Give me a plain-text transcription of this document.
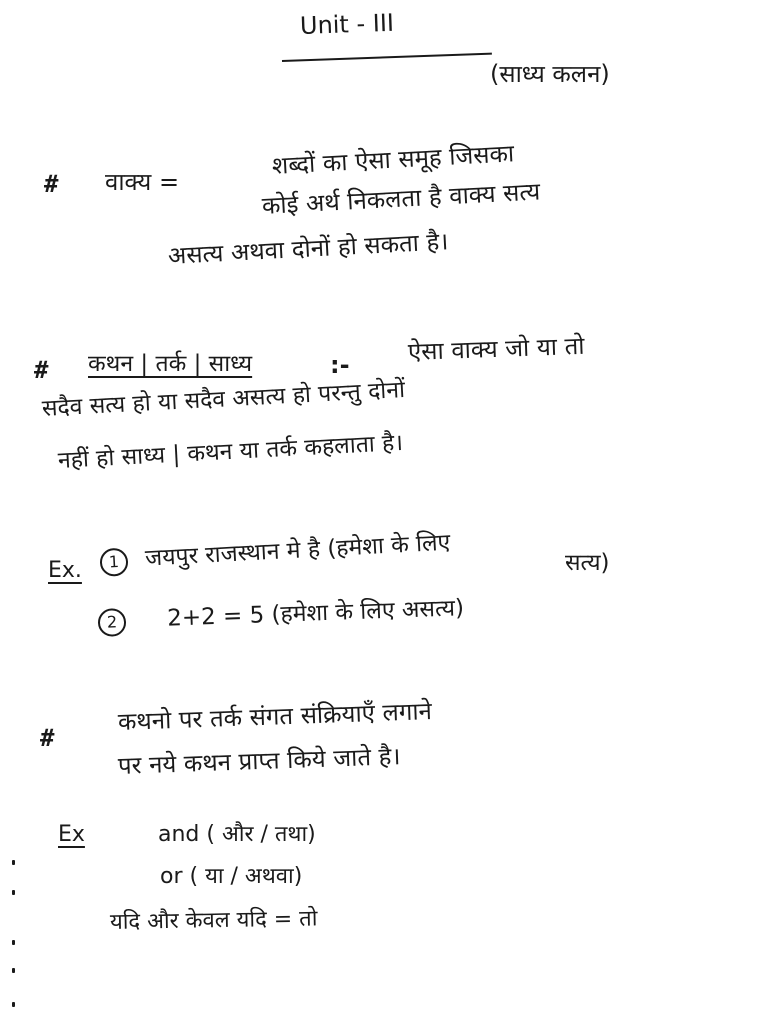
Unit - III
(साध्य कलन)
# वाक्य =
शब्दों का ऐसा समूह जिसका
कोई अर्थ निकलता है वाक्य सत्य
असत्य अथवा दोनों हो सकता है।
# कथन | तर्क | साध्य	:- ऐसा वाक्य जो या तो
सदैव सत्य हो या सदैव असत्य हो परन्तु दोनों
नहीं हो साध्य | कथन या तर्क कहलाता है।
Ex.	1 जयपुर राजस्थान मे है (हमेशा के लिए	सत्य)
2 2+2 = 5 (हमेशा के लिए असत्य)
#
कथनो पर तर्क संगत संक्रियाएँ लगाने
पर नये कथन प्राप्त किये जाते है।
Ex	and ( और / तथा)
or ( या / अथवा)
यदि और केवल यदि = तो
